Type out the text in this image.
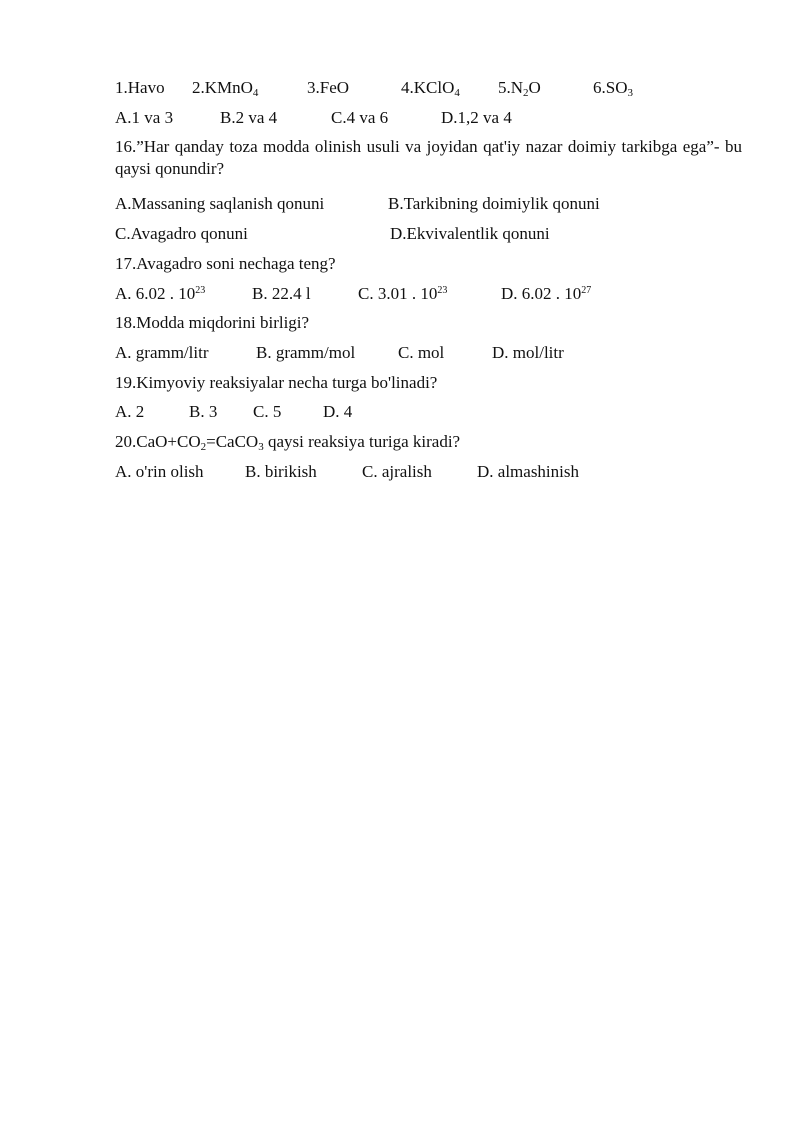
1.Havo 2.KMnO$_4$	3.FeO	4.KClO$_4$ $5.N_2O$	$6.SO_3$
A.1 va 3	B.2 va 4	C.4 va 6	D.1,2 va 4
16.”Har qanday toza modda olinish usuli va joyidan qat'iy nazar doimiy tarkibga ega”- bu qaysi qonundir?
A.Massaning saqlanish qonuni	B.Tarkibning doimiylik qonuni
C.Avagadro qonuni	D.Ekvivalentlik qonuni
17.Avagadro soni nechaga teng?
A. 6.02 . $10^{23}$	B. 22.4 l	C. 3.01 . $10^{23}$	D. 6.02 . $10^{27}$
18.Modda miqdorini birligi?
A. gramm/litr	B. gramm/mol	C. mol	D. mol/litr
19.Kimyoviy reaksiyalar necha turga bo'linadi?
A. 2	B. 3 C. 5 D. 4
$20.CaO+CO_2=CaCO_3$ qaysi reaksiya turiga kiradi?
A. o'rin olish B. birikish	C. ajralish	D. almashinish
